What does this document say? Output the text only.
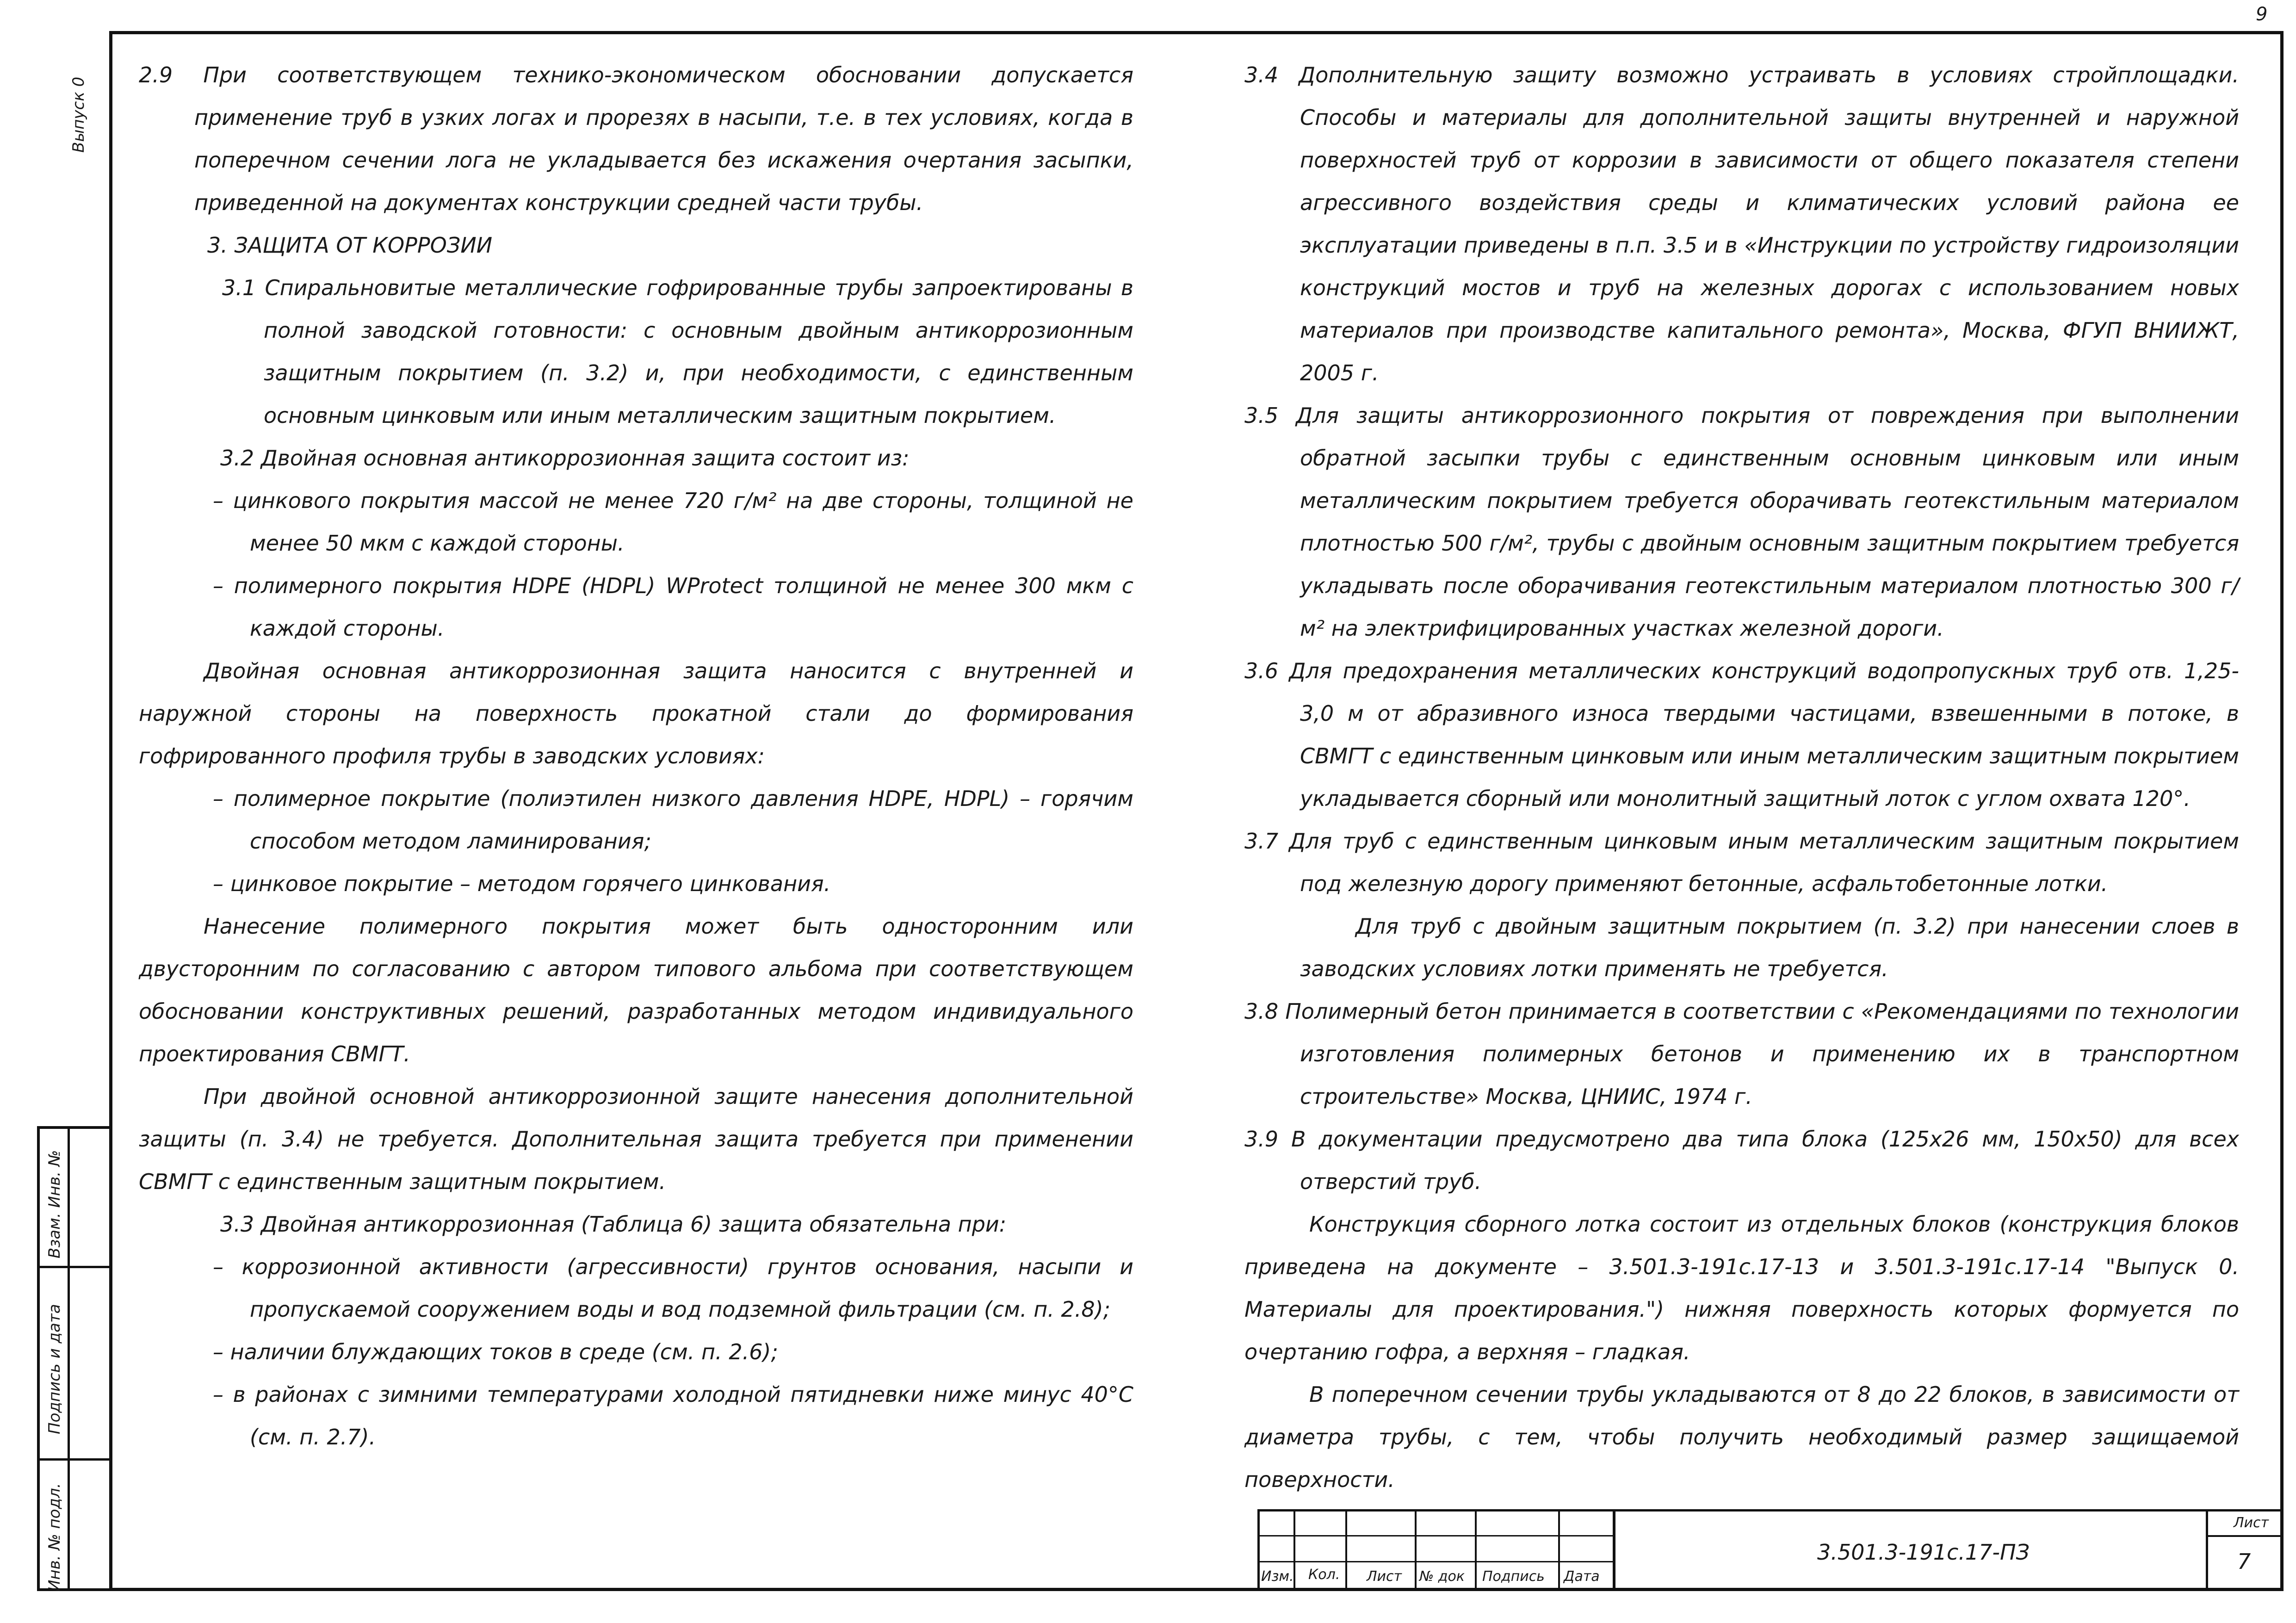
9
Выпуск 0
Взам. Инв. №
Подпись и дата
Инв. № подл.

2.9 При соответствующем технико-экономическом обосновании допускается применение труб в узких логах и прорезях в насыпи, т.е. в тех условиях, когда в поперечном сечении лога не укладывается без искажения очертания засыпки, приведенной на документах конструкции средней части трубы.

3. ЗАЩИТА ОТ КОРРОЗИИ

3.1 Спиральновитые металлические гофрированные трубы запроектированы в полной заводской готовности: с основным двойным антикоррозионным защитным покрытием (п. 3.2) и, при необходимости, с единственным основным цинковым или иным металлическим защитным покрытием.

3.2 Двойная основная антикоррозионная защита состоит из:

– цинкового покрытия массой не менее 720 г/м² на две стороны, толщиной не менее 50 мкм с каждой стороны.

– полимерного покрытия HDPE (HDPL) WProtect толщиной не менее 300 мкм с каждой стороны.

Двойная основная антикоррозионная защита наносится с внутренней и наружной стороны на поверхность прокатной стали до формирования гофрированного профиля трубы в заводских условиях:

– полимерное покрытие (полиэтилен низкого давления HDPE, HDPL) – горячим способом методом ламинирования;

– цинковое покрытие – методом горячего цинкования.

Нанесение полимерного покрытия может быть односторонним или двусторонним по согласованию с автором типового альбома при соответствующем обосновании конструктивных решений, разработанных методом индивидуального проектирования СВМГТ.

При двойной основной антикоррозионной защите нанесения дополнительной защиты (п. 3.4) не требуется. Дополнительная защита требуется при применении СВМГТ с единственным защитным покрытием.

3.3 Двойная антикоррозионная (Таблица 6) защита обязательна при:

– коррозионной активности (агрессивности) грунтов основания, насыпи и пропускаемой сооружением воды и вод подземной фильтрации (см. п. 2.8);

– наличии блуждающих токов в среде (см. п. 2.6);

– в районах с зимними температурами холодной пятидневки ниже минус 40°C (см. п. 2.7).

3.4 Дополнительную защиту возможно устраивать в условиях стройплощадки. Способы и материалы для дополнительной защиты внутренней и наружной поверхностей труб от коррозии в зависимости от общего показателя степени агрессивного воздействия среды и климатических условий района ее эксплуатации приведены в п.п. 3.5 и в «Инструкции по устройству гидроизоляции конструкций мостов и труб на железных дорогах с использованием новых материалов при производстве капитального ремонта», Москва, ФГУП ВНИИЖТ, 2005 г.

3.5 Для защиты антикоррозионного покрытия от повреждения при выполнении обратной засыпки трубы с единственным основным цинковым или иным металлическим покрытием требуется оборачивать геотекстильным материалом плотностью 500 г/м², трубы с двойным основным защитным покрытием требуется укладывать после оборачивания геотекстильным материалом плотностью 300 г/м² на электрифицированных участках железной дороги.

3.6 Для предохранения металлических конструкций водопропускных труб отв. 1,25-3,0 м от абразивного износа твердыми частицами, взвешенными в потоке, в СВМГТ с единственным цинковым или иным металлическим защитным покрытием укладывается сборный или монолитный защитный лоток с углом охвата 120°.

3.7 Для труб с единственным цинковым иным металлическим защитным покрытием под железную дорогу применяют бетонные, асфальтобетонные лотки.

Для труб с двойным защитным покрытием (п. 3.2) при нанесении слоев в заводских условиях лотки применять не требуется.

3.8 Полимерный бетон принимается в соответствии с «Рекомендациями по технологии изготовления полимерных бетонов и применению их в транспортном строительстве» Москва, ЦНИИС, 1974 г.

3.9 В документации предусмотрено два типа блока (125x26 мм, 150x50) для всех отверстий труб.

Конструкция сборного лотка состоит из отдельных блоков (конструкция блоков приведена на документе – 3.501.3-191с.17-13 и 3.501.3-191с.17-14 "Выпуск 0. Материалы для проектирования.") нижняя поверхность которых формуется по очертанию гофра, а верхняя – гладкая.

В поперечном сечении трубы укладываются от 8 до 22 блоков, в зависимости от диаметра трубы, с тем, чтобы получить необходимый размер защищаемой поверхности.

Изм. Кол. Лист № док Подпись Дата
3.501.3-191с.17-ПЗ
Лист
7
